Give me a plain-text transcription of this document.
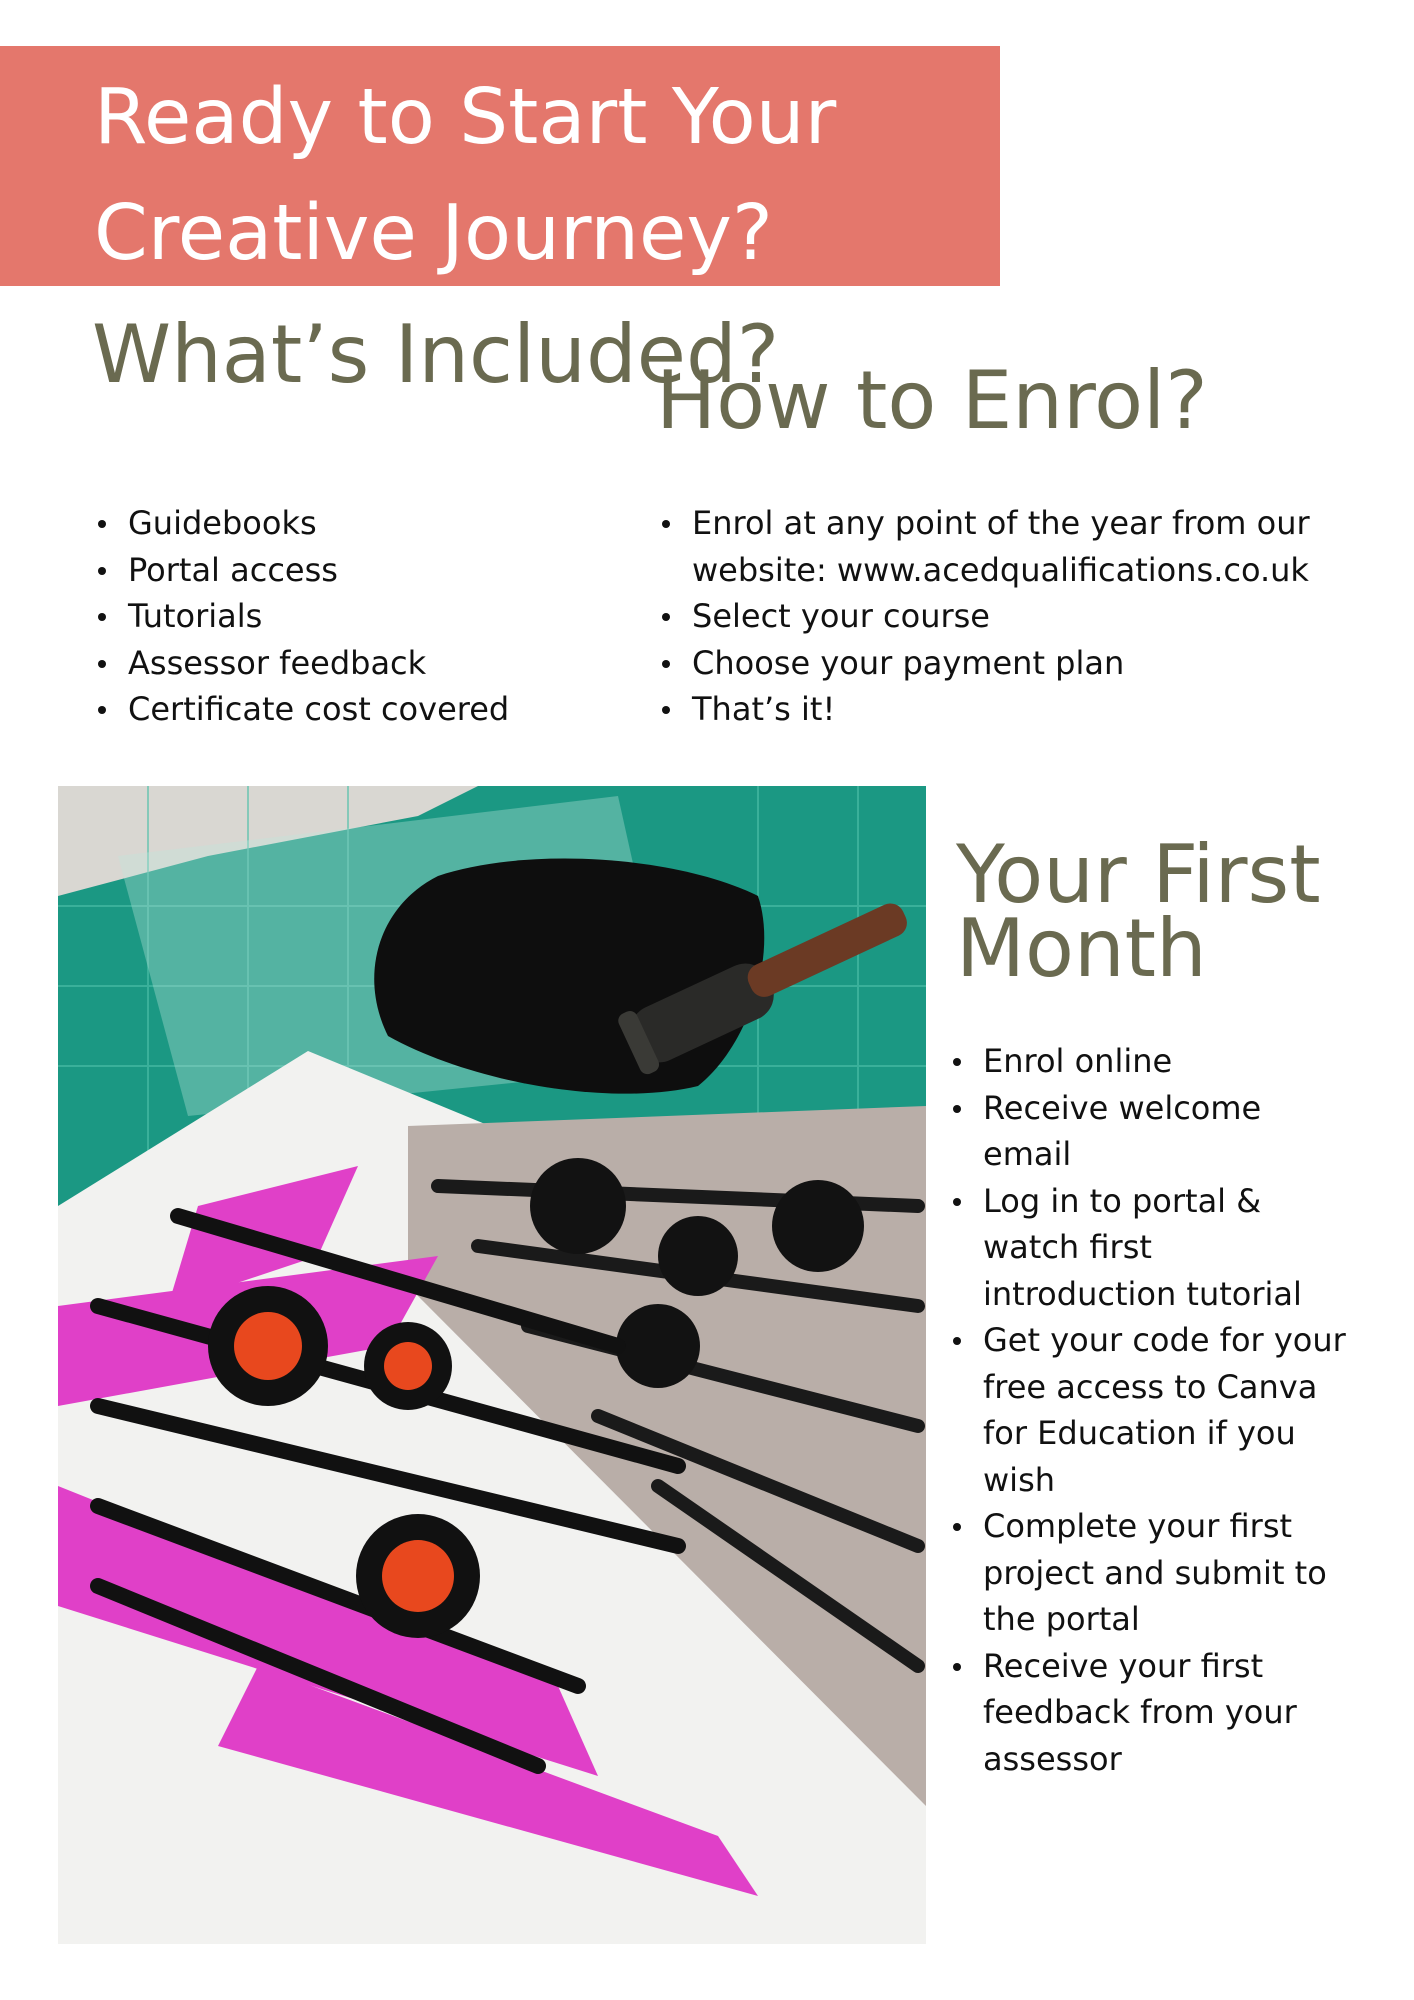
Ready to Start Your Creative Journey?
What’s Included?
How to Enrol?
Your First Month
Guidebooks
Portal access
Tutorials
Assessor feedback
Certificate cost covered
Enrol at any point of the year from our website: www.acedqualifications.co.uk
Select your course
Choose your payment plan
That’s it!
Enrol online
Receive welcome email
Log in to portal & watch first introduction tutorial
Get your code for your free access to Canva for Education if you wish
Complete your first project and submit to the portal
Receive your first feedback from your assessor
